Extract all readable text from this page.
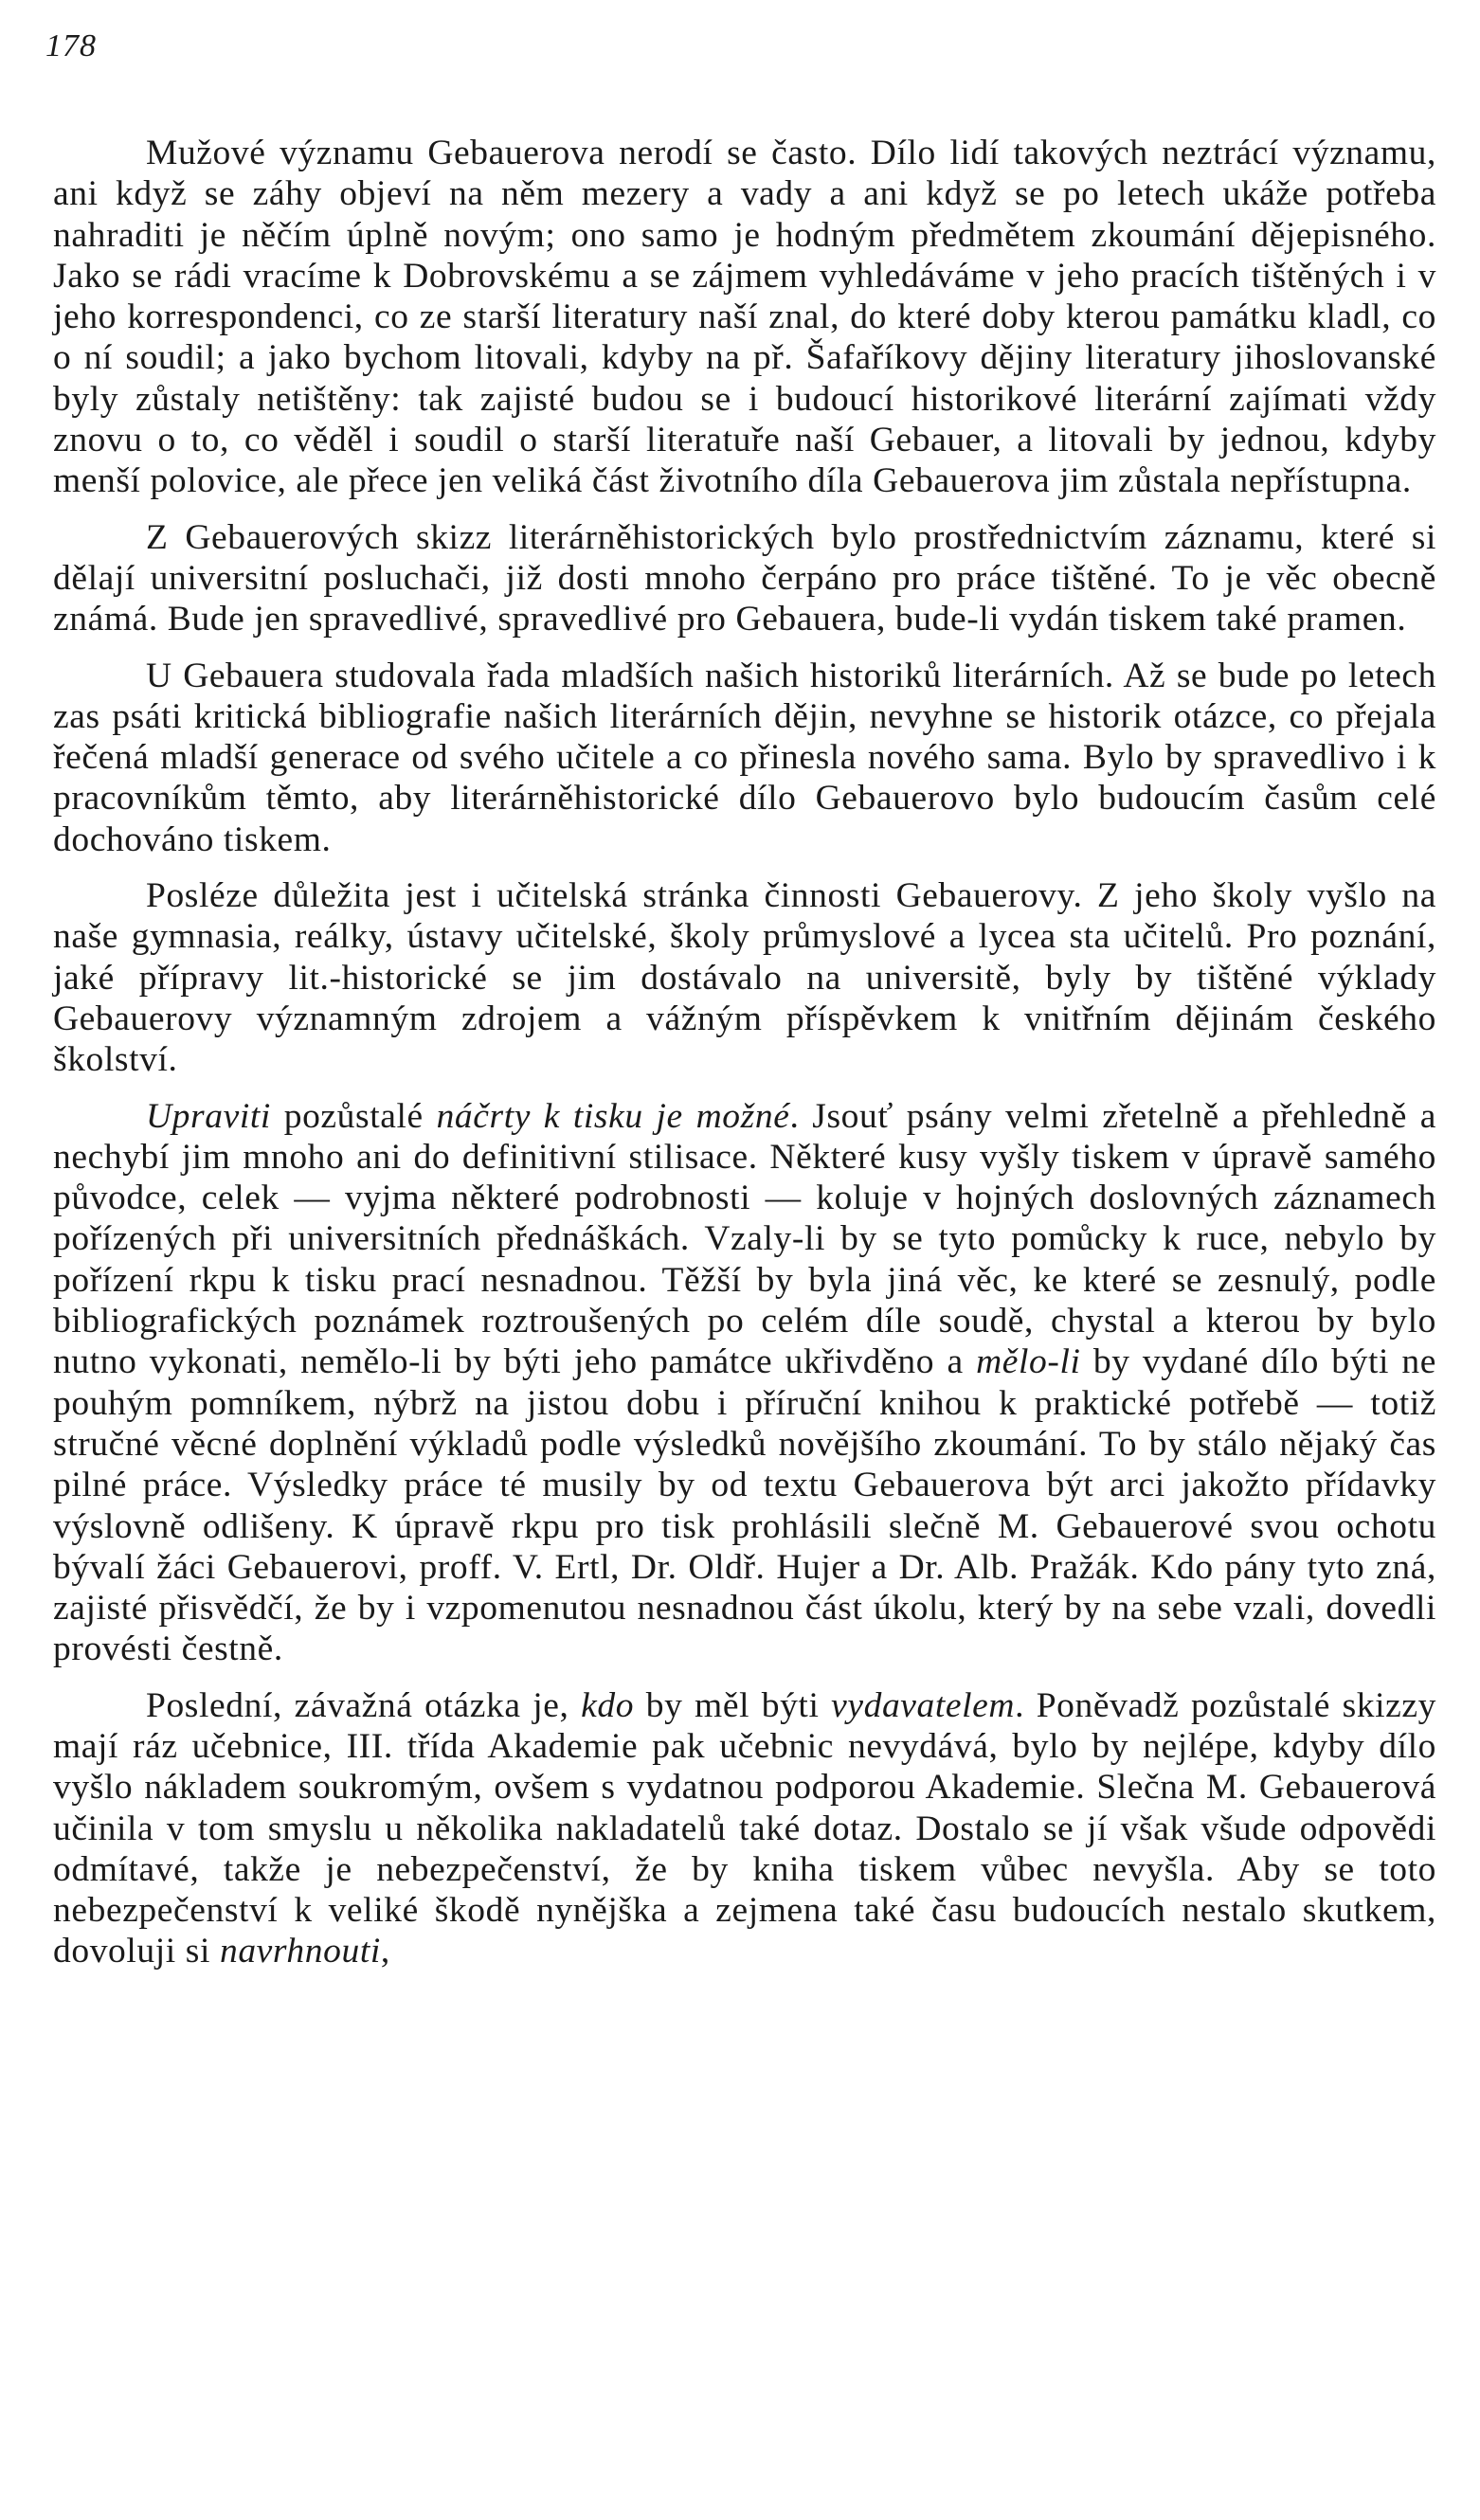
178

Mužové významu Gebauerova nerodí se často. Dílo lidí takových neztrácí významu, ani když se záhy objeví na něm mezery a vady a ani když se po letech ukáže potřeba nahraditi je něčím úplně novým; ono samo je hodným předmětem zkoumání dějepisného. Jako se rádi vracíme k Dobrovskému a se zájmem vyhledáváme v jeho pracích tištěných i v jeho korrespondenci, co ze starší literatury naší znal, do které doby kterou památku kladl, co o ní soudil; a jako bychom litovali, kdyby na př. Šafaříkovy dějiny literatury jihoslovanské byly zůstaly netištěny: tak zajisté budou se i budoucí historikové literární zajímati vždy znovu o to, co věděl i soudil o starší literatuře naší Gebauer, a litovali by jednou, kdyby menší polovice, ale přece jen veliká část životního díla Gebauerova jim zůstala nepřístupna.

Z Gebauerových skizz literárněhistorických bylo prostřednictvím záznamu, které si dělají universitní posluchači, již dosti mnoho čerpáno pro práce tištěné. To je věc obecně známá. Bude jen spravedlivé, spravedlivé pro Gebauera, bude-li vydán tiskem také pramen.

U Gebauera studovala řada mladších našich historiků literárních. Až se bude po letech zas psáti kritická bibliografie našich literárních dějin, nevyhne se historik otázce, co přejala řečená mladší generace od svého učitele a co přinesla nového sama. Bylo by spravedlivo i k pracovníkům těmto, aby literárněhistorické dílo Gebauerovo bylo budoucím časům celé dochováno tiskem.

Posléze důležita jest i učitelská stránka činnosti Gebauerovy. Z jeho školy vyšlo na naše gymnasia, reálky, ústavy učitelské, školy průmyslové a lycea sta učitelů. Pro poznání, jaké přípravy lit.-historické se jim dostávalo na universitě, byly by tištěné výklady Gebauerovy významným zdrojem a vážným příspěvkem k vnitřním dějinám českého školství.

Upraviti pozůstalé náčrty k tisku je možné. Jsouť psány velmi zřetelně a přehledně a nechybí jim mnoho ani do definitivní stilisace. Některé kusy vyšly tiskem v úpravě samého původce, celek — vyjma některé podrobnosti — koluje v hojných doslovných záznamech pořízených při universitních přednáškách. Vzaly-li by se tyto pomůcky k ruce, nebylo by pořízení rkpu k tisku prací nesnadnou. Těžší by byla jiná věc, ke které se zesnulý, podle bibliografických poznámek roztroušených po celém díle soudě, chystal a kterou by bylo nutno vykonati, nemělo-li by býti jeho památce ukřivděno a mělo-li by vydané dílo býti ne pouhým pomníkem, nýbrž na jistou dobu i příruční knihou k praktické potřebě — totiž stručné věcné doplnění výkladů podle výsledků novějšího zkoumání. To by stálo nějaký čas pilné práce. Výsledky práce té musily by od textu Gebauerova být arci jakožto přídavky výslovně odlišeny. K úpravě rkpu pro tisk prohlásili slečně M. Gebauerové svou ochotu bývalí žáci Gebauerovi, proff. V. Ertl, Dr. Oldř. Hujer a Dr. Alb. Pražák. Kdo pány tyto zná, zajisté přisvědčí, že by i vzpomenutou nesnadnou část úkolu, který by na sebe vzali, dovedli provésti čestně.

Poslední, závažná otázka je, kdo by měl býti vydavatelem. Poněvadž pozůstalé skizzy mají ráz učebnice, III. třída Akademie pak učebnic nevydává, bylo by nejlépe, kdyby dílo vyšlo nákladem soukromým, ovšem s vydatnou podporou Akademie. Slečna M. Gebauerová učinila v tom smyslu u několika nakladatelů také dotaz. Dostalo se jí však všude odpovědi odmítavé, takže je nebezpečenství, že by kniha tiskem vůbec nevyšla. Aby se toto nebezpečenství k veliké škodě nynějška a zejmena také času budoucích nestalo skutkem, dovoluji si navrhnouti,
